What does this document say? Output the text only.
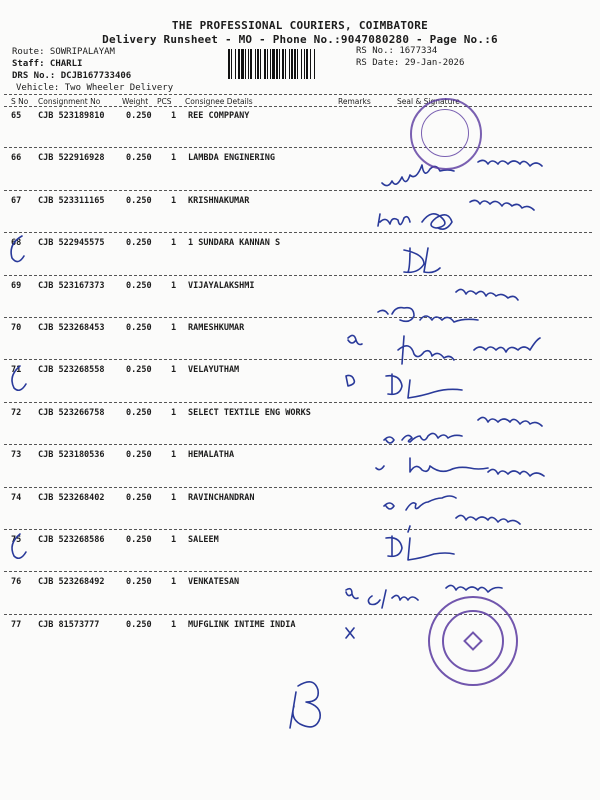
THE PROFESSIONAL COURIERS, COIMBATORE
Delivery Runsheet - MO - Phone No.:9047080280 - Page No.:6
Route: SOWRIPALAYAM
Staff: CHARLI
DRS No.: DCJB167733406
Vehicle: Two Wheeler Delivery
RS No.: 1677334
RS Date: 29-Jan-2026
S No Consignment No	Weight PCS Consignee Details	Remarks	Seal & Signature
65 CJB 523189810	0.250 1 REE COMPPANY
66 CJB 522916928	0.250 1 LAMBDA ENGINERING
67 CJB 523311165	0.250 1 KRISHNAKUMAR
68 CJB 522945575	0.250 1 1 SUNDARA KANNAN S
69 CJB 523167373	0.250 1 VIJAYALAKSHMI
70 CJB 523268453	0.250 1 RAMESHKUMAR
71 CJB 523268558	0.250 1 VELAYUTHAM
72 CJB 523266758	0.250 1 SELECT TEXTILE ENG WORKS
73 CJB 523180536	0.250 1 HEMALATHA
74 CJB 523268402	0.250 1 RAVINCHANDRAN
75 CJB 523268586	0.250 1 SALEEM
76 CJB 523268492	0.250 1 VENKATESAN
77 CJB 81573777	0.250 1 MUFGLINK INTIME INDIA
